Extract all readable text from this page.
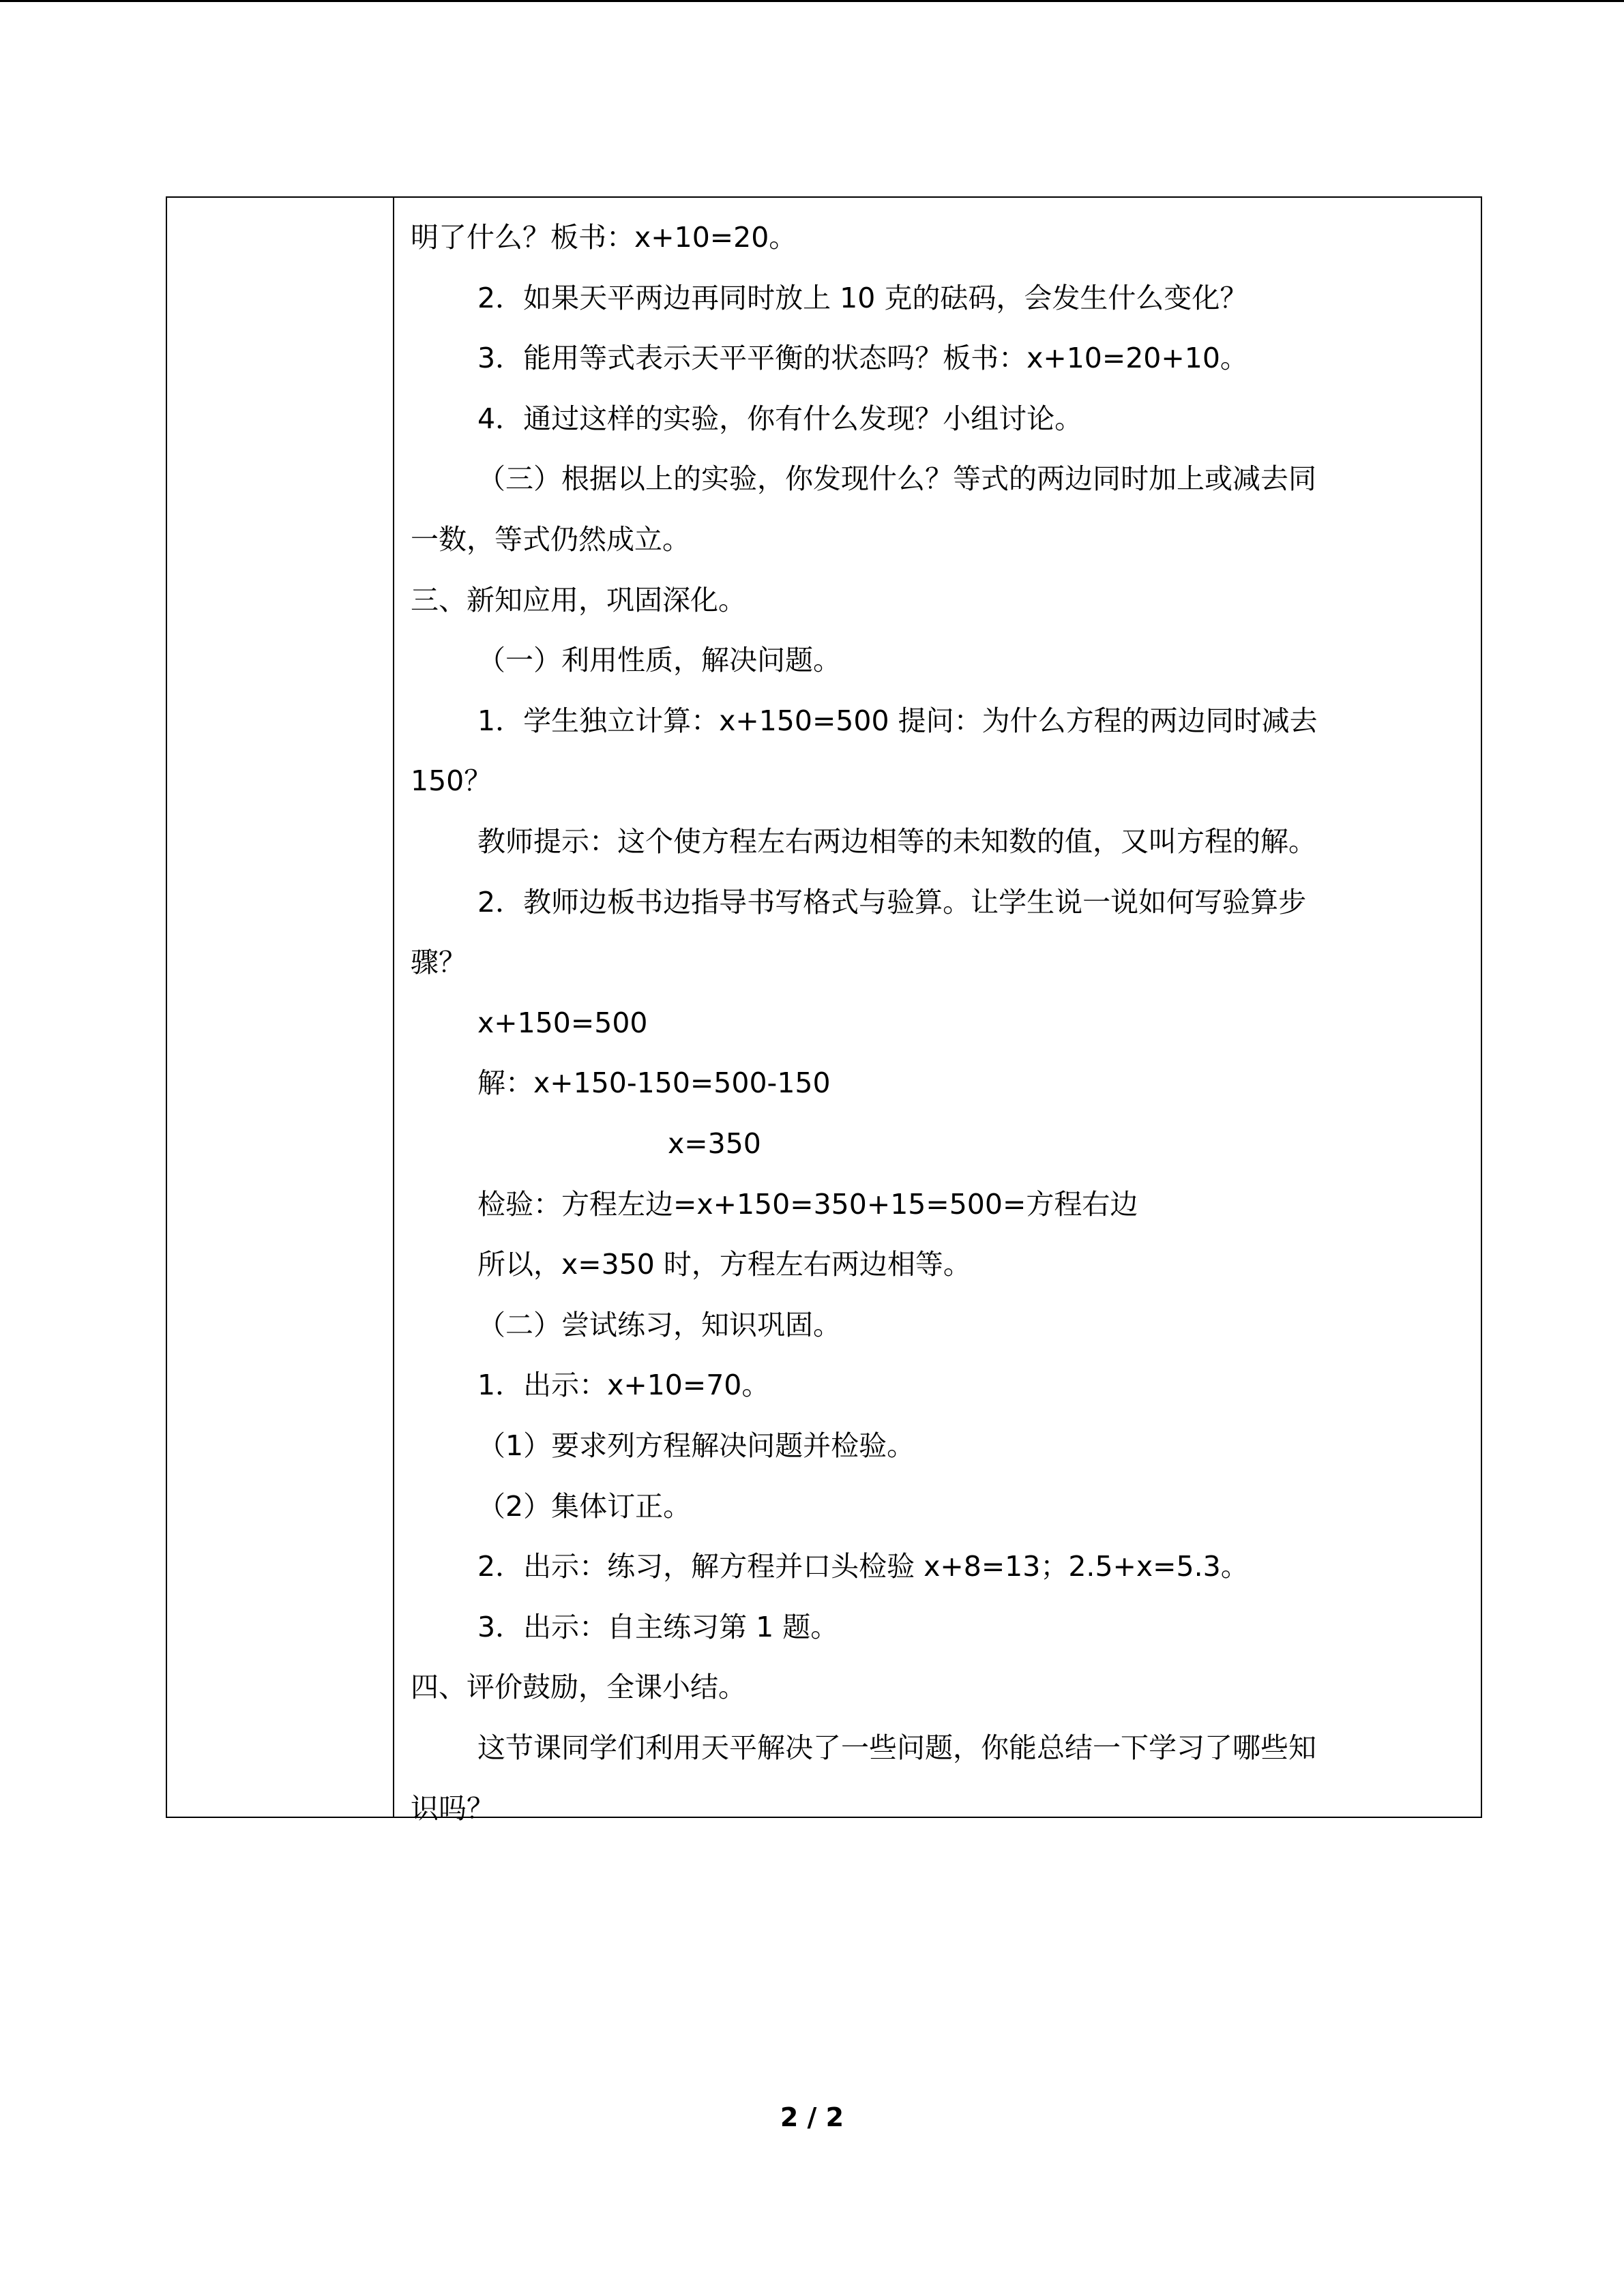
明了什么？板书：x+10=20。
2．如果天平两边再同时放上 10 克的砝码，会发生什么变化？
3．能用等式表示天平平衡的状态吗？板书：x+10=20+10。
4．通过这样的实验，你有什么发现？小组讨论。
（三）根据以上的实验，你发现什么？等式的两边同时加上或减去同
一数，等式仍然成立。
三、新知应用，巩固深化。
（一）利用性质，解决问题。
1．学生独立计算：x+150=500 提问：为什么方程的两边同时减去
150？
教师提示：这个使方程左右两边相等的未知数的值，又叫方程的解。
2．教师边板书边指导书写格式与验算。让学生说一说如何写验算步
骤？
x+150=500
解：x+150-150=500-150
x=350
检验：方程左边=x+150=350+15=500=方程右边
所以，x=350 时，方程左右两边相等。
（二）尝试练习，知识巩固。
1．出示：x+10=70。
（1）要求列方程解决问题并检验。
（2）集体订正。
2．出示：练习，解方程并口头检验 x+8=13；2.5+x=5.3。
3．出示：自主练习第 1 题。
四、评价鼓励，全课小结。
这节课同学们利用天平解决了一些问题，你能总结一下学习了哪些知
识吗？
2 / 2
